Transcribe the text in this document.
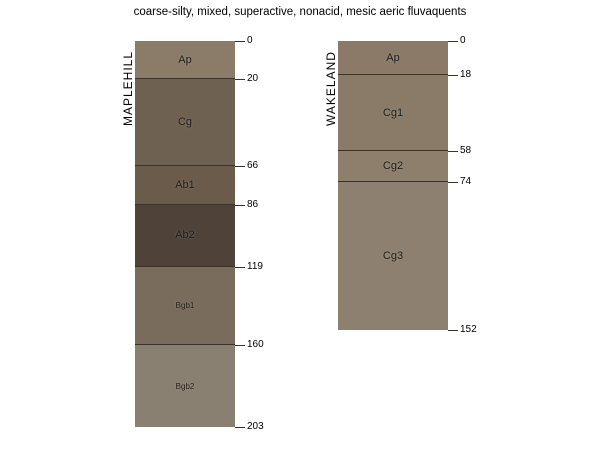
coarse-silty, mixed, superactive, nonacid, mesic aeric fluvaquents
MAPLEHILL	Ap
Cg
Ab1
Ab2
Bgb1
Bgb2
0
20
66
86
119
160
203
WAKELAND	Ap
Cg1
Cg2
Cg3
0
18
58
74
152
